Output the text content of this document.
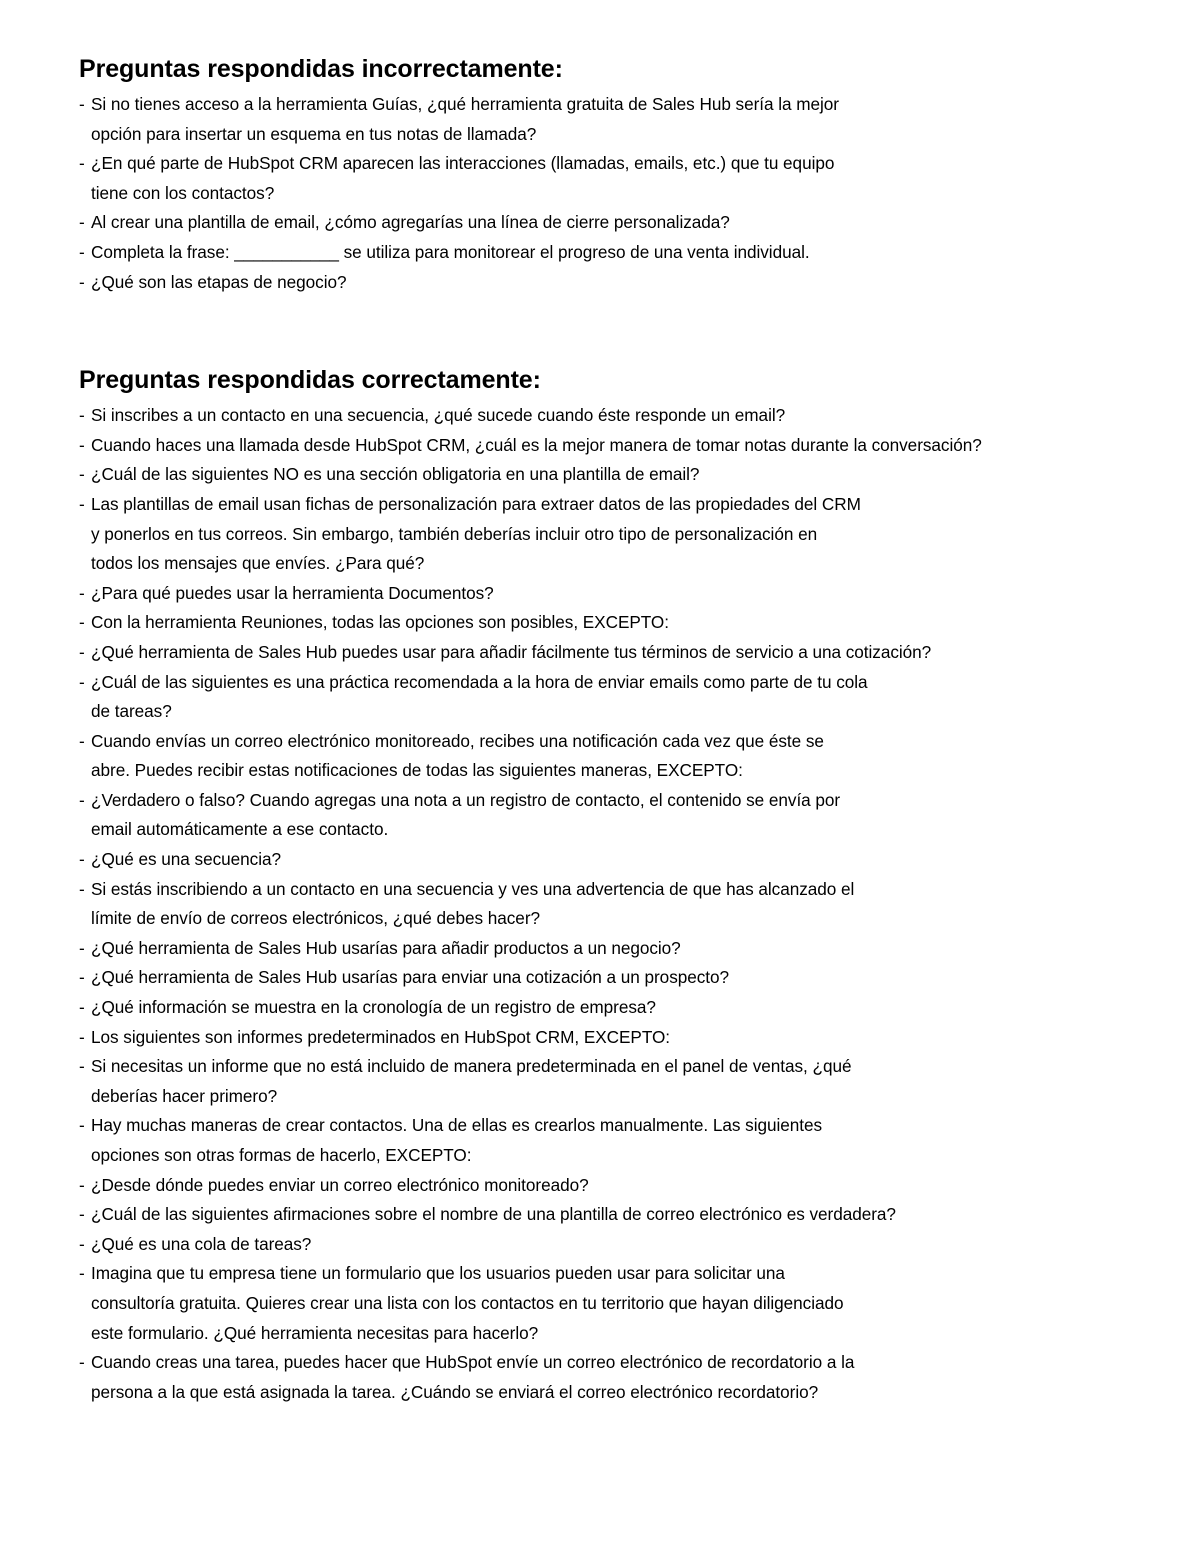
Preguntas respondidas incorrectamente:
- Si no tienes acceso a la herramienta Guías, ¿qué herramienta gratuita de Sales Hub sería la mejor
opción para insertar un esquema en tus notas de llamada?
- ¿En qué parte de HubSpot CRM aparecen las interacciones (llamadas, emails, etc.) que tu equipo
tiene con los contactos?
- Al crear una plantilla de email, ¿cómo agregarías una línea de cierre personalizada?
- Completa la frase: ___________ se utiliza para monitorear el progreso de una venta individual.
- ¿Qué son las etapas de negocio?
Preguntas respondidas correctamente:
- Si inscribes a un contacto en una secuencia, ¿qué sucede cuando éste responde un email?
- Cuando haces una llamada desde HubSpot CRM, ¿cuál es la mejor manera de tomar notas durante la conversación?
- ¿Cuál de las siguientes NO es una sección obligatoria en una plantilla de email?
- Las plantillas de email usan fichas de personalización para extraer datos de las propiedades del CRM
y ponerlos en tus correos. Sin embargo, también deberías incluir otro tipo de personalización en
todos los mensajes que envíes. ¿Para qué?
- ¿Para qué puedes usar la herramienta Documentos?
- Con la herramienta Reuniones, todas las opciones son posibles, EXCEPTO:
- ¿Qué herramienta de Sales Hub puedes usar para añadir fácilmente tus términos de servicio a una cotización?
- ¿Cuál de las siguientes es una práctica recomendada a la hora de enviar emails como parte de tu cola
de tareas?
- Cuando envías un correo electrónico monitoreado, recibes una notificación cada vez que éste se
abre. Puedes recibir estas notificaciones de todas las siguientes maneras, EXCEPTO:
- ¿Verdadero o falso? Cuando agregas una nota a un registro de contacto, el contenido se envía por
email automáticamente a ese contacto.
- ¿Qué es una secuencia?
- Si estás inscribiendo a un contacto en una secuencia y ves una advertencia de que has alcanzado el
límite de envío de correos electrónicos, ¿qué debes hacer?
- ¿Qué herramienta de Sales Hub usarías para añadir productos a un negocio?
- ¿Qué herramienta de Sales Hub usarías para enviar una cotización a un prospecto?
- ¿Qué información se muestra en la cronología de un registro de empresa?
- Los siguientes son informes predeterminados en HubSpot CRM, EXCEPTO:
- Si necesitas un informe que no está incluido de manera predeterminada en el panel de ventas, ¿qué
deberías hacer primero?
- Hay muchas maneras de crear contactos. Una de ellas es crearlos manualmente. Las siguientes
opciones son otras formas de hacerlo, EXCEPTO:
- ¿Desde dónde puedes enviar un correo electrónico monitoreado?
- ¿Cuál de las siguientes afirmaciones sobre el nombre de una plantilla de correo electrónico es verdadera?
- ¿Qué es una cola de tareas?
- Imagina que tu empresa tiene un formulario que los usuarios pueden usar para solicitar una
consultoría gratuita. Quieres crear una lista con los contactos en tu territorio que hayan diligenciado
este formulario. ¿Qué herramienta necesitas para hacerlo?
- Cuando creas una tarea, puedes hacer que HubSpot envíe un correo electrónico de recordatorio a la
persona a la que está asignada la tarea. ¿Cuándo se enviará el correo electrónico recordatorio?
